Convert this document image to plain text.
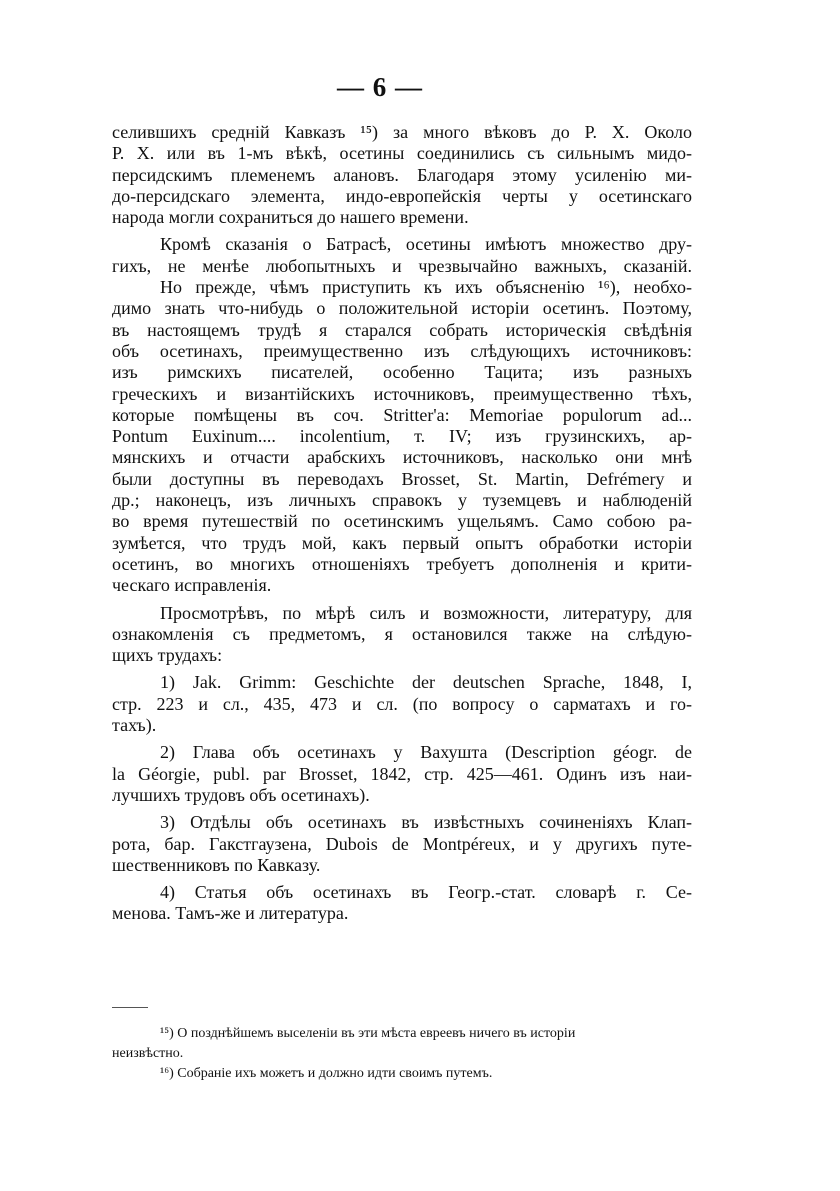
— 6 —
селившихъ средній Кавказъ ¹⁵) за много вѣковъ до Р. Х. Около
Р. Х. или въ 1-мъ вѣкѣ, осетины соединились съ сильнымъ мидо-
персидскимъ племенемъ алановъ. Благодаря этому усиленію ми-
до-персидскаго элемента, индо-европейскія черты у осетинскаго
народа могли сохраниться до нашего времени.
Кромѣ сказанія о Батрасѣ, осетины имѣютъ множество дру-
гихъ, не менѣе любопытныхъ и чрезвычайно важныхъ, сказаній.
Но прежде, чѣмъ приступить къ ихъ объясненію ¹⁶), необхо-
димо знать что-нибудь о положительной исторіи осетинъ. Поэтому,
въ настоящемъ трудѣ я старался собрать историческія свѣдѣнія
объ осетинахъ, преимущественно изъ слѣдующихъ источниковъ:
изъ римскихъ писателей, особенно Тацита; изъ разныхъ
греческихъ и византійскихъ источниковъ, преимущественно тѣхъ,
которые помѣщены въ соч. Stritter'a: Memoriae populorum ad...
Pontum Euxinum.... incolentium, т. IV; изъ грузинскихъ, ар-
мянскихъ и отчасти арабскихъ источниковъ, насколько они мнѣ
были доступны въ переводахъ Brosset, St. Martin, Defrémery и
др.; наконецъ, изъ личныхъ справокъ у туземцевъ и наблюденій
во время путешествій по осетинскимъ ущельямъ. Само собою ра-
зумѣется, что трудъ мой, какъ первый опытъ обработки исторіи
осетинъ, во многихъ отношеніяхъ требуетъ дополненія и крити-
ческаго исправленія.
Просмотрѣвъ, по мѣрѣ силъ и возможности, литературу, для
ознакомленія съ предметомъ, я остановился также на слѣдую-
щихъ трудахъ:
1) Jak. Grimm: Geschichte der deutschen Sprache, 1848, I,
стр. 223 и сл., 435, 473 и сл. (по вопросу о сарматахъ и го-
тахъ).
2) Глава объ осетинахъ у Вахушта (Description géogr. de
la Géorgie, publ. par Brosset, 1842, стр. 425—461. Одинъ изъ наи-
лучшихъ трудовъ объ осетинахъ).
3) Отдѣлы объ осетинахъ въ извѣстныхъ сочиненіяхъ Клап-
рота, бар. Гакстгаузена, Dubois de Montpéreux, и у другихъ путе-
шественниковъ по Кавказу.
4) Статья объ осетинахъ въ Геогр.-стат. словарѣ г. Се-
менова. Тамъ-же и литература.
¹⁵) О позднѣйшемъ выселеніи въ эти мѣста евреевъ ничего въ исторіи
неизвѣстно.
¹⁶) Собраніе ихъ можетъ и должно идти своимъ путемъ.
